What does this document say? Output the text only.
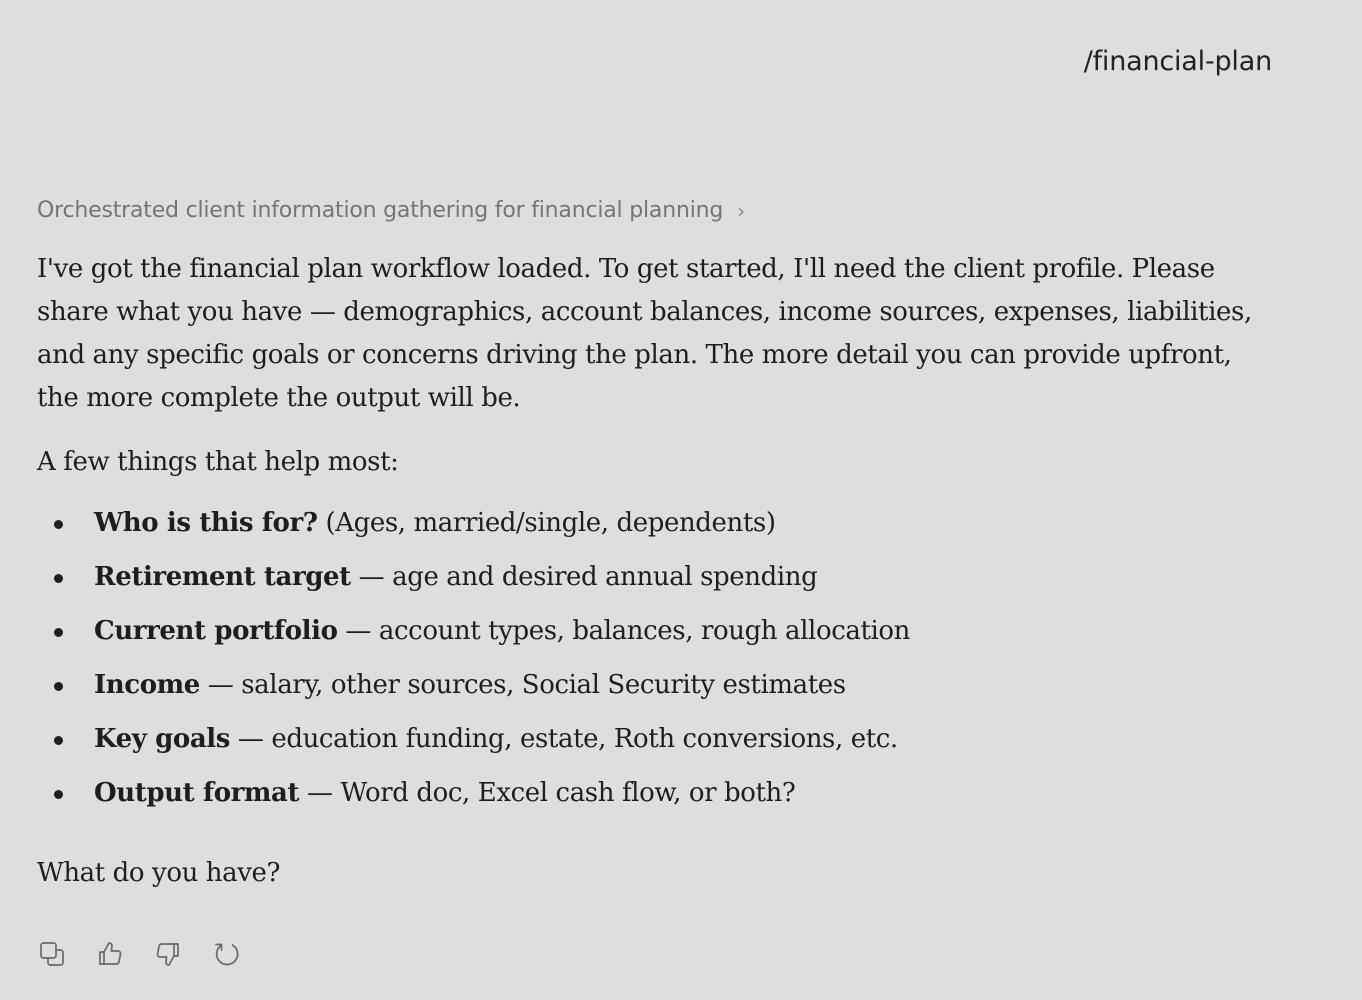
/financial-plan
Orchestrated client information gathering for financial planning ›

I've got the financial plan workflow loaded. To get started, I'll need the client profile. Please share what you have — demographics, account balances, income sources, expenses, liabilities, and any specific goals or concerns driving the plan. The more detail you can provide upfront, the more complete the output will be.

A few things that help most:

Who is this for? (Ages, married/single, dependents)
Retirement target — age and desired annual spending
Current portfolio — account types, balances, rough allocation
Income — salary, other sources, Social Security estimates
Key goals — education funding, estate, Roth conversions, etc.
Output format — Word doc, Excel cash flow, or both?

What do you have?
